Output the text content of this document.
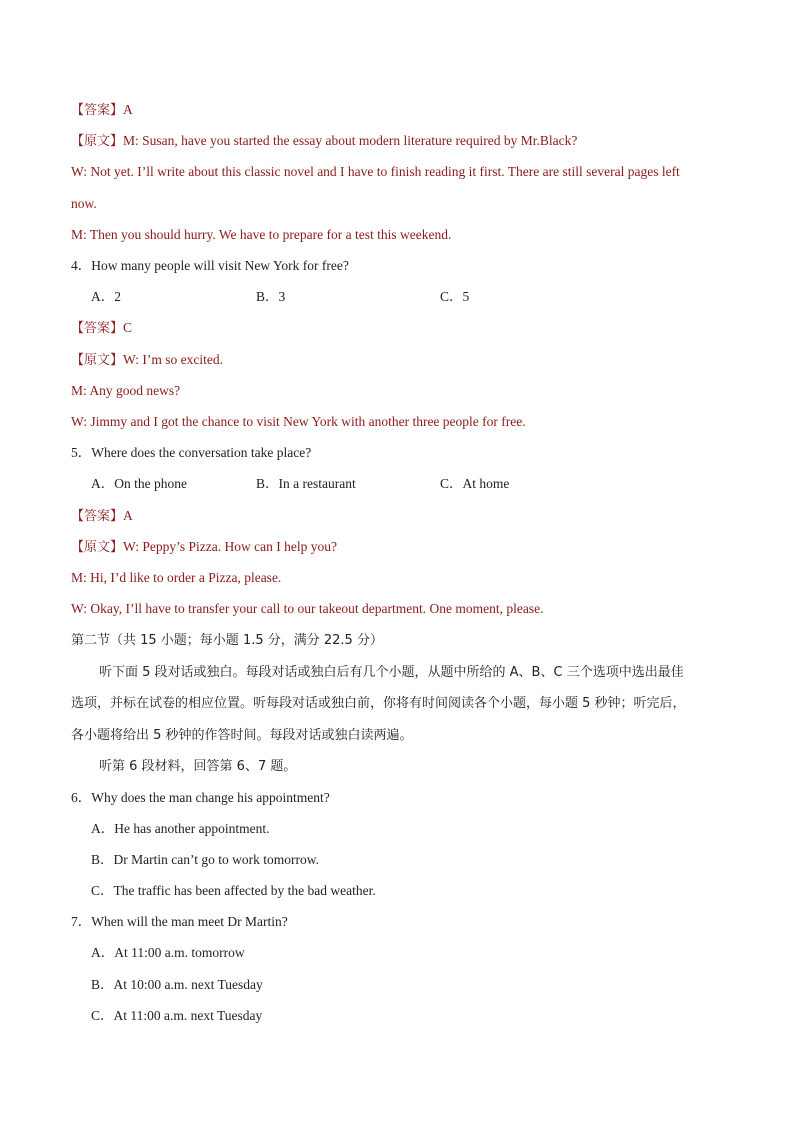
【答案】A
【原文】M: Susan, have you started the essay about modern literature required by Mr.Black?
W: Not yet. I’ll write about this classic novel and I have to finish reading it first. There are still several pages left
now.
M: Then you should hurry. We have to prepare for a test this weekend.
4．How many people will visit New York for free?
A．2	B．3	C．5
【答案】C
【原文】W: I’m so excited.
M: Any good news?
W: Jimmy and I got the chance to visit New York with another three people for free.
5．Where does the conversation take place?
A．On the phone	B．In a restaurant	C．At home
【答案】A
【原文】W: Peppy’s Pizza. How can I help you?
M: Hi, I’d like to order a Pizza, please.
W: Okay, I’ll have to transfer your call to our takeout department. One moment, please.
第二节（共 15 小题；每小题 1.5 分，满分 22.5 分）
听下面 5 段对话或独白。每段对话或独白后有几个小题，从题中所给的 A、B、C 三个选项中选出最佳
选项，并标在试卷的相应位置。听每段对话或独白前，你将有时间阅读各个小题，每小题 5 秒钟；听完后，
各小题将给出 5 秒钟的作答时间。每段对话或独白读两遍。
听第 6 段材料，回答第 6、7 题。
6．Why does the man change his appointment?
A．He has another appointment.
B．Dr Martin can’t go to work tomorrow.
C．The traffic has been affected by the bad weather.
7．When will the man meet Dr Martin?
A．At 11:00 a.m. tomorrow
B．At 10:00 a.m. next Tuesday
C．At 11:00 a.m. next Tuesday
